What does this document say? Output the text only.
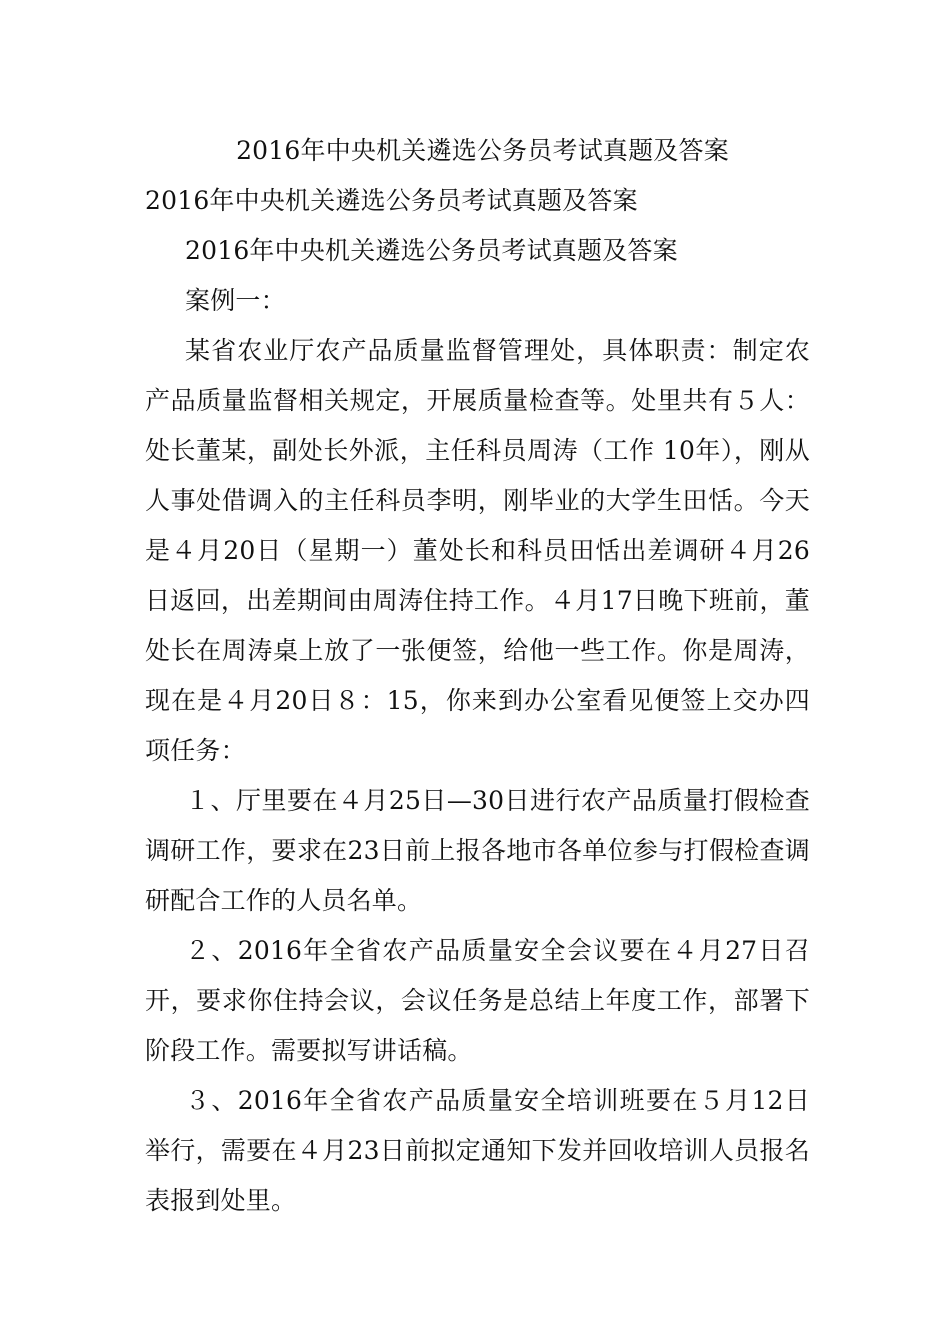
2016年中央机关遴选公务员考试真题及答案

2016年中央机关遴选公务员考试真题及答案

2016年中央机关遴选公务员考试真题及答案

案例一：

某省农业厅农产品质量监督管理处，具体职责：制定农产品质量监督相关规定，开展质量检查等。处里共有５人：处长董某，副处长外派，主任科员周涛（工作 10年），刚从人事处借调入的主任科员李明，刚毕业的大学生田恬。今天是４月20日（星期一）董处长和科员田恬出差调研４月26日返回，出差期间由周涛住持工作。４月17日晚下班前，董处长在周涛桌上放了一张便签，给他一些工作。你是周涛，现在是４月20日８：15，你来到办公室看见便签上交办四项任务：

１、厅里要在４月25日—30日进行农产品质量打假检查调研工作，要求在23日前上报各地市各单位参与打假检查调研配合工作的人员名单。

２、2016年全省农产品质量安全会议要在４月27日召开，要求你住持会议，会议任务是总结上年度工作，部署下阶段工作。需要拟写讲话稿。

３、2016年全省农产品质量安全培训班要在５月12日举行，需要在４月23日前拟定通知下发并回收培训人员报名表报到处里。
